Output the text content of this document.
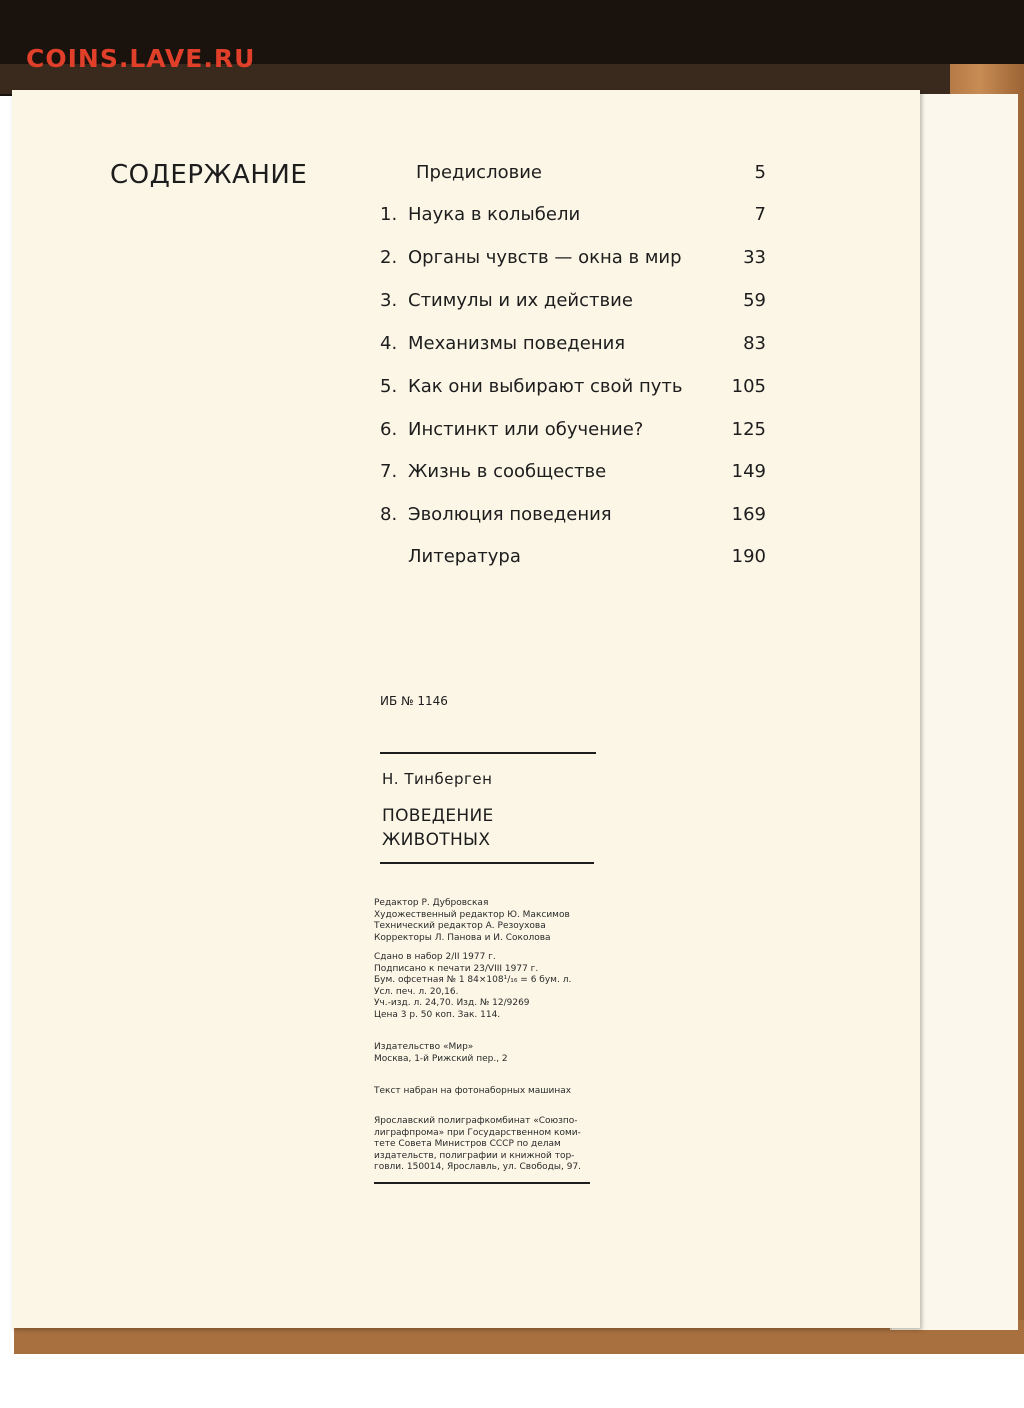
COINS.LAVE.RU
СОДЕРЖАНИЕ	Предисловие	5
1. Наука в колыбели	7
2. Органы чувств — окна в мир	33
3. Стимулы и их действие	59
4. Механизмы поведения	83
5. Как они выбирают свой путь	105
6. Инстинкт или обучение?	125
7. Жизнь в сообществе	149
8. Эволюция поведения	169
Литература	190
ИБ № 1146
Н. Тинберген
ПОВЕДЕНИЕ
ЖИВОТНЫХ
Редактор Р. Дубровская
Художественный редактор Ю. Максимов
Технический редактор А. Резоухова
Корректоры Л. Панова и И. Соколова
Сдано в набор 2/II 1977 г.
Подписано к печати 23/VIII 1977 г.
Бум. офсетная № 1 84×108¹/₁₆ = 6 бум. л.
Усл. печ. л. 20,16.
Уч.-изд. л. 24,70. Изд. № 12/9269
Цена 3 р. 50 коп. Зак. 114.
Издательство «Мир»
Москва, 1-й Рижский пер., 2
Текст набран на фотонаборных машинах
Ярославский полиграфкомбинат «Союзпо-
лиграфпрома» при Государственном коми-
тете Совета Министров СССР по делам
издательств, полиграфии и книжной тор-
говли. 150014, Ярославль, ул. Свободы, 97.
